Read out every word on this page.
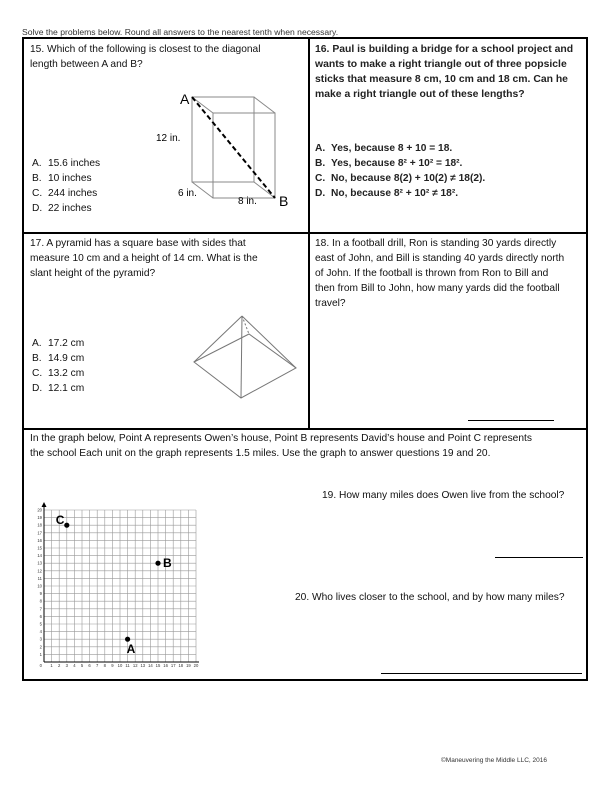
Solve the problems below. Round all answers to the nearest tenth when necessary.
15. Which of the following is closest to the diagonal
length between A and B?
A. 15.6 inches
B. 10 inches
C. 244 inches
D. 22 inches
A
B
12 in.
6 in.
8 in.
16. Paul is building a bridge for a school project and
wants to make a right triangle out of three popsicle
sticks that measure 8 cm, 10 cm and 18 cm. Can he
make a right triangle out of these lengths?
A. Yes, because 8 + 10 = 18.
B. Yes, because 8² + 10² = 18².
C. No, because 8(2) + 10(2) ≠ 18(2).
D. No, because 8² + 10² ≠ 18².
17. A pyramid has a square base with sides that
measure 10 cm and a height of 14 cm. What is the
slant height of the pyramid?
A. 17.2 cm
B. 14.9 cm
C. 13.2 cm
D. 12.1 cm
18. In a football drill, Ron is standing 30 yards directly
east of John, and Bill is standing 40 yards directly north
of John. If the football is thrown from Ron to Bill and
then from Bill to John, how many yards did the football
travel?
In the graph below, Point A represents Owen’s house, Point B represents David’s house and Point C represents
the school Each unit on the graph represents 1.5 miles. Use the graph to answer questions 19 and 20.
1
1
2
2
3
3
4
4
5
5
6
6
7
7
8
8
9
9
10
10
11
11
12
12
13
13
14
14
15
15
16
16
17
17
18
18
19
19
20
20
0
A
B
C
19. How many miles does Owen live from the school?
20. Who lives closer to the school, and by how many miles?
©Maneuvering the Middle LLC, 2016
